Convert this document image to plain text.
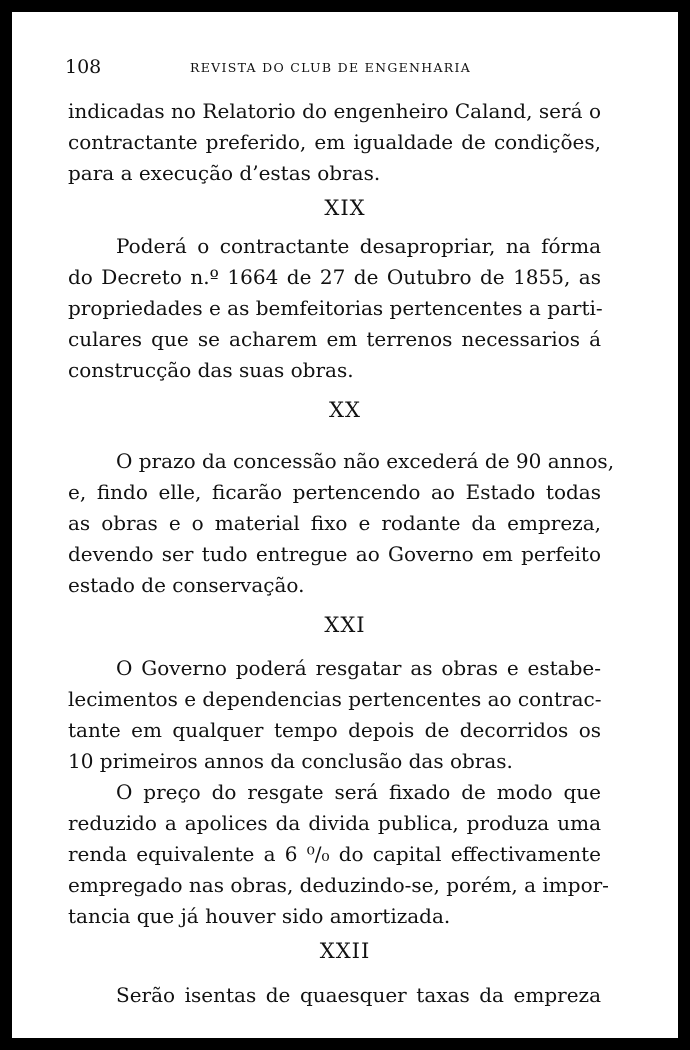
108	REVISTA DO CLUB DE ENGENHARIA
indicadas no Relatorio do engenheiro Caland, será o
contractante preferido, em igualdade de condições,
para a execução d’estas obras.
XIX
Poderá o contractante desapropriar, na fórma
do Decreto n.º 1664 de 27 de Outubro de 1855, as
propriedades e as bemfeitorias pertencentes a parti-
culares que se acharem em terrenos necessarios á
construcção das suas obras.
XX
O prazo da concessão não excederá de 90 annos,
e, findo elle, ficarão pertencendo ao Estado todas
as obras e o material fixo e rodante da empreza,
devendo ser tudo entregue ao Governo em perfeito
estado de conservação.
XXI
O Governo poderá resgatar as obras e estabe-
lecimentos e dependencias pertencentes ao contrac-
tante em qualquer tempo depois de decorridos os
10 primeiros annos da conclusão das obras.
O preço do resgate será fixado de modo que
reduzido a apolices da divida publica, produza uma
renda equivalente a 6 ⁰/₀ do capital effectivamente
empregado nas obras, deduzindo-se, porém, a impor-
tancia que já houver sido amortizada.
XXII
Serão isentas de quaesquer taxas da empreza
